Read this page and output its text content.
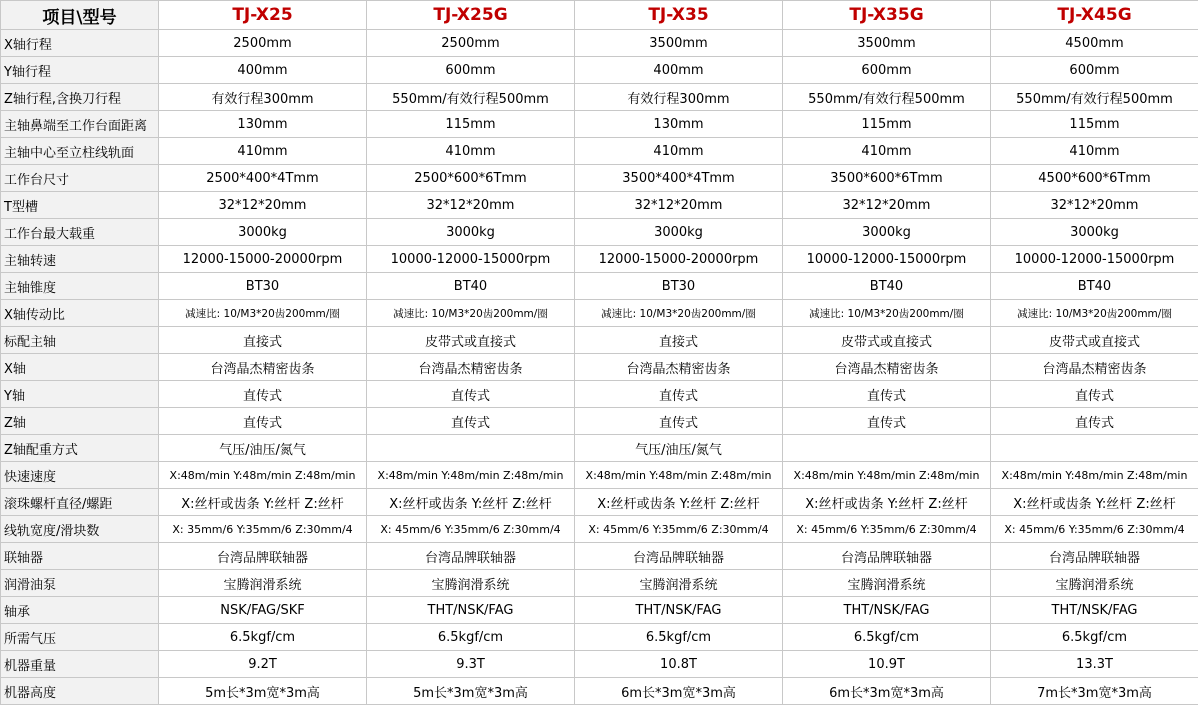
项目\型号	TJ-X25	TJ-X25G	TJ-X35	TJ-X35G	TJ-X45G
X轴行程	2500mm	2500mm	3500mm	3500mm	4500mm
Y轴行程	400mm	600mm	400mm	600mm	600mm
Z轴行程,含换刀行程	有效行程300mm	550mm/有效行程500mm	有效行程300mm	550mm/有效行程500mm	550mm/有效行程500mm
主轴鼻端至工作台面距离	130mm	115mm	130mm	115mm	115mm
主轴中心至立柱线轨面	410mm	410mm	410mm	410mm	410mm
工作台尺寸	2500*400*4Tmm	2500*600*6Tmm	3500*400*4Tmm	3500*600*6Tmm	4500*600*6Tmm
T型槽	32*12*20mm	32*12*20mm	32*12*20mm	32*12*20mm	32*12*20mm
工作台最大载重	3000kg	3000kg	3000kg	3000kg	3000kg
主轴转速	12000-15000-20000rpm	10000-12000-15000rpm	12000-15000-20000rpm	10000-12000-15000rpm	10000-12000-15000rpm
主轴锥度	BT30	BT40	BT30	BT40	BT40
X轴传动比	减速比: 10/M3*20齿200mm/圈	减速比: 10/M3*20齿200mm/圈	减速比: 10/M3*20齿200mm/圈	减速比: 10/M3*20齿200mm/圈	减速比: 10/M3*20齿200mm/圈
标配主轴	直接式	皮带式或直接式	直接式	皮带式或直接式	皮带式或直接式
X轴	台湾晶杰精密齿条	台湾晶杰精密齿条	台湾晶杰精密齿条	台湾晶杰精密齿条	台湾晶杰精密齿条
Y轴	直传式	直传式	直传式	直传式	直传式
Z轴	直传式	直传式	直传式	直传式	直传式
Z轴配重方式	气压/油压/氮气		气压/油压/氮气		
快速速度	X:48m/min Y:48m/min Z:48m/min	X:48m/min Y:48m/min Z:48m/min	X:48m/min Y:48m/min Z:48m/min	X:48m/min Y:48m/min Z:48m/min	X:48m/min Y:48m/min Z:48m/min
滚珠螺杆直径/螺距	X:丝杆或齿条 Y:丝杆 Z:丝杆	X:丝杆或齿条 Y:丝杆 Z:丝杆	X:丝杆或齿条 Y:丝杆 Z:丝杆	X:丝杆或齿条 Y:丝杆 Z:丝杆	X:丝杆或齿条 Y:丝杆 Z:丝杆
线轨宽度/滑块数	X: 35mm/6 Y:35mm/6 Z:30mm/4	X: 45mm/6 Y:35mm/6 Z:30mm/4	X: 45mm/6 Y:35mm/6 Z:30mm/4	X: 45mm/6 Y:35mm/6 Z:30mm/4	X: 45mm/6 Y:35mm/6 Z:30mm/4
联轴器	台湾品牌联轴器	台湾品牌联轴器	台湾品牌联轴器	台湾品牌联轴器	台湾品牌联轴器
润滑油泵	宝腾润滑系统	宝腾润滑系统	宝腾润滑系统	宝腾润滑系统	宝腾润滑系统
轴承	NSK/FAG/SKF	THT/NSK/FAG	THT/NSK/FAG	THT/NSK/FAG	THT/NSK/FAG
所需气压	6.5kgf/cm	6.5kgf/cm	6.5kgf/cm	6.5kgf/cm	6.5kgf/cm
机器重量	9.2T	9.3T	10.8T	10.9T	13.3T
机器高度	5m长*3m宽*3m高	5m长*3m宽*3m高	6m长*3m宽*3m高	6m长*3m宽*3m高	7m长*3m宽*3m高
